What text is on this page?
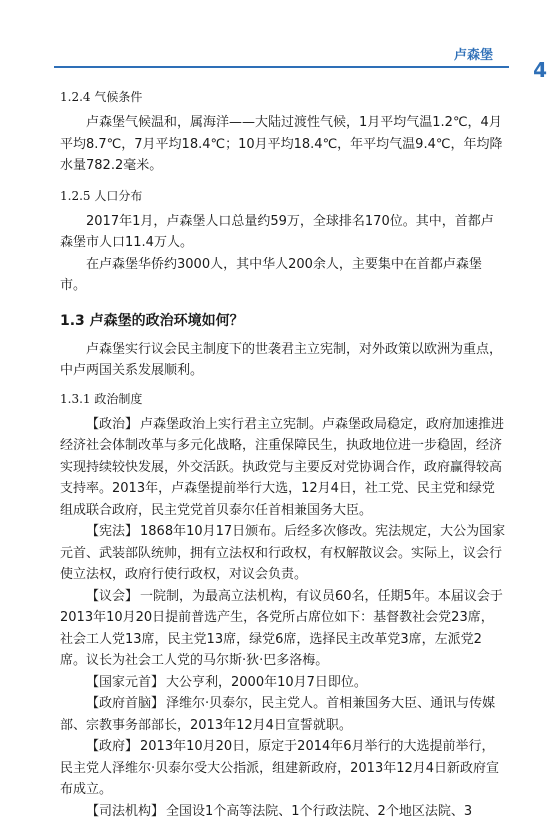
卢森堡
4
1.2.4 气候条件

卢森堡气候温和，属海洋——大陆过渡性气候，1月平均气温1.2℃，4月平均8.7℃，7月平均18.4℃；10月平均18.4℃，年平均气温9.4℃，年均降水量782.2毫米。

1.2.5 人口分布

2017年1月，卢森堡人口总量约59万，全球排名170位。其中，首都卢森堡市人口11.4万人。

在卢森堡华侨约3000人，其中华人200余人，主要集中在首都卢森堡市。

1.3 卢森堡的政治环境如何？

卢森堡实行议会民主制度下的世袭君主立宪制，对外政策以欧洲为重点，中卢两国关系发展顺利。

1.3.1 政治制度

【政治】 卢森堡政治上实行君主立宪制。卢森堡政局稳定，政府加速推进经济社会体制改革与多元化战略，注重保障民生，执政地位进一步稳固，经济实现持续较快发展，外交活跃。执政党与主要反对党协调合作，政府赢得较高支持率。2013年，卢森堡提前举行大选，12月4日，社工党、民主党和绿党组成联合政府，民主党党首贝泰尔任首相兼国务大臣。

【宪法】 1868年10月17日颁布。后经多次修改。宪法规定，大公为国家元首、武装部队统帅，拥有立法权和行政权，有权解散议会。实际上，议会行使立法权，政府行使行政权，对议会负责。

【议会】 一院制，为最高立法机构，有议员60名，任期5年。本届议会于2013年10月20日提前普选产生，各党所占席位如下：基督教社会党23席，社会工人党13席，民主党13席，绿党6席，选择民主改革党3席，左派党2席。议长为社会工人党的马尔斯·狄·巴多洛梅。

【国家元首】 大公亨利，2000年10月7日即位。

【政府首脑】 泽维尔·贝泰尔，民主党人。首相兼国务大臣、通讯与传媒部、宗教事务部部长，2013年12月4日宣誓就职。

【政府】 2013年10月20日，原定于2014年6月举行的大选提前举行，民主党人泽维尔·贝泰尔受大公指派，组建新政府，2013年12月4日新政府宣布成立。

【司法机构】 全国设1个高等法院、1个行政法院、2个地区法院、3
